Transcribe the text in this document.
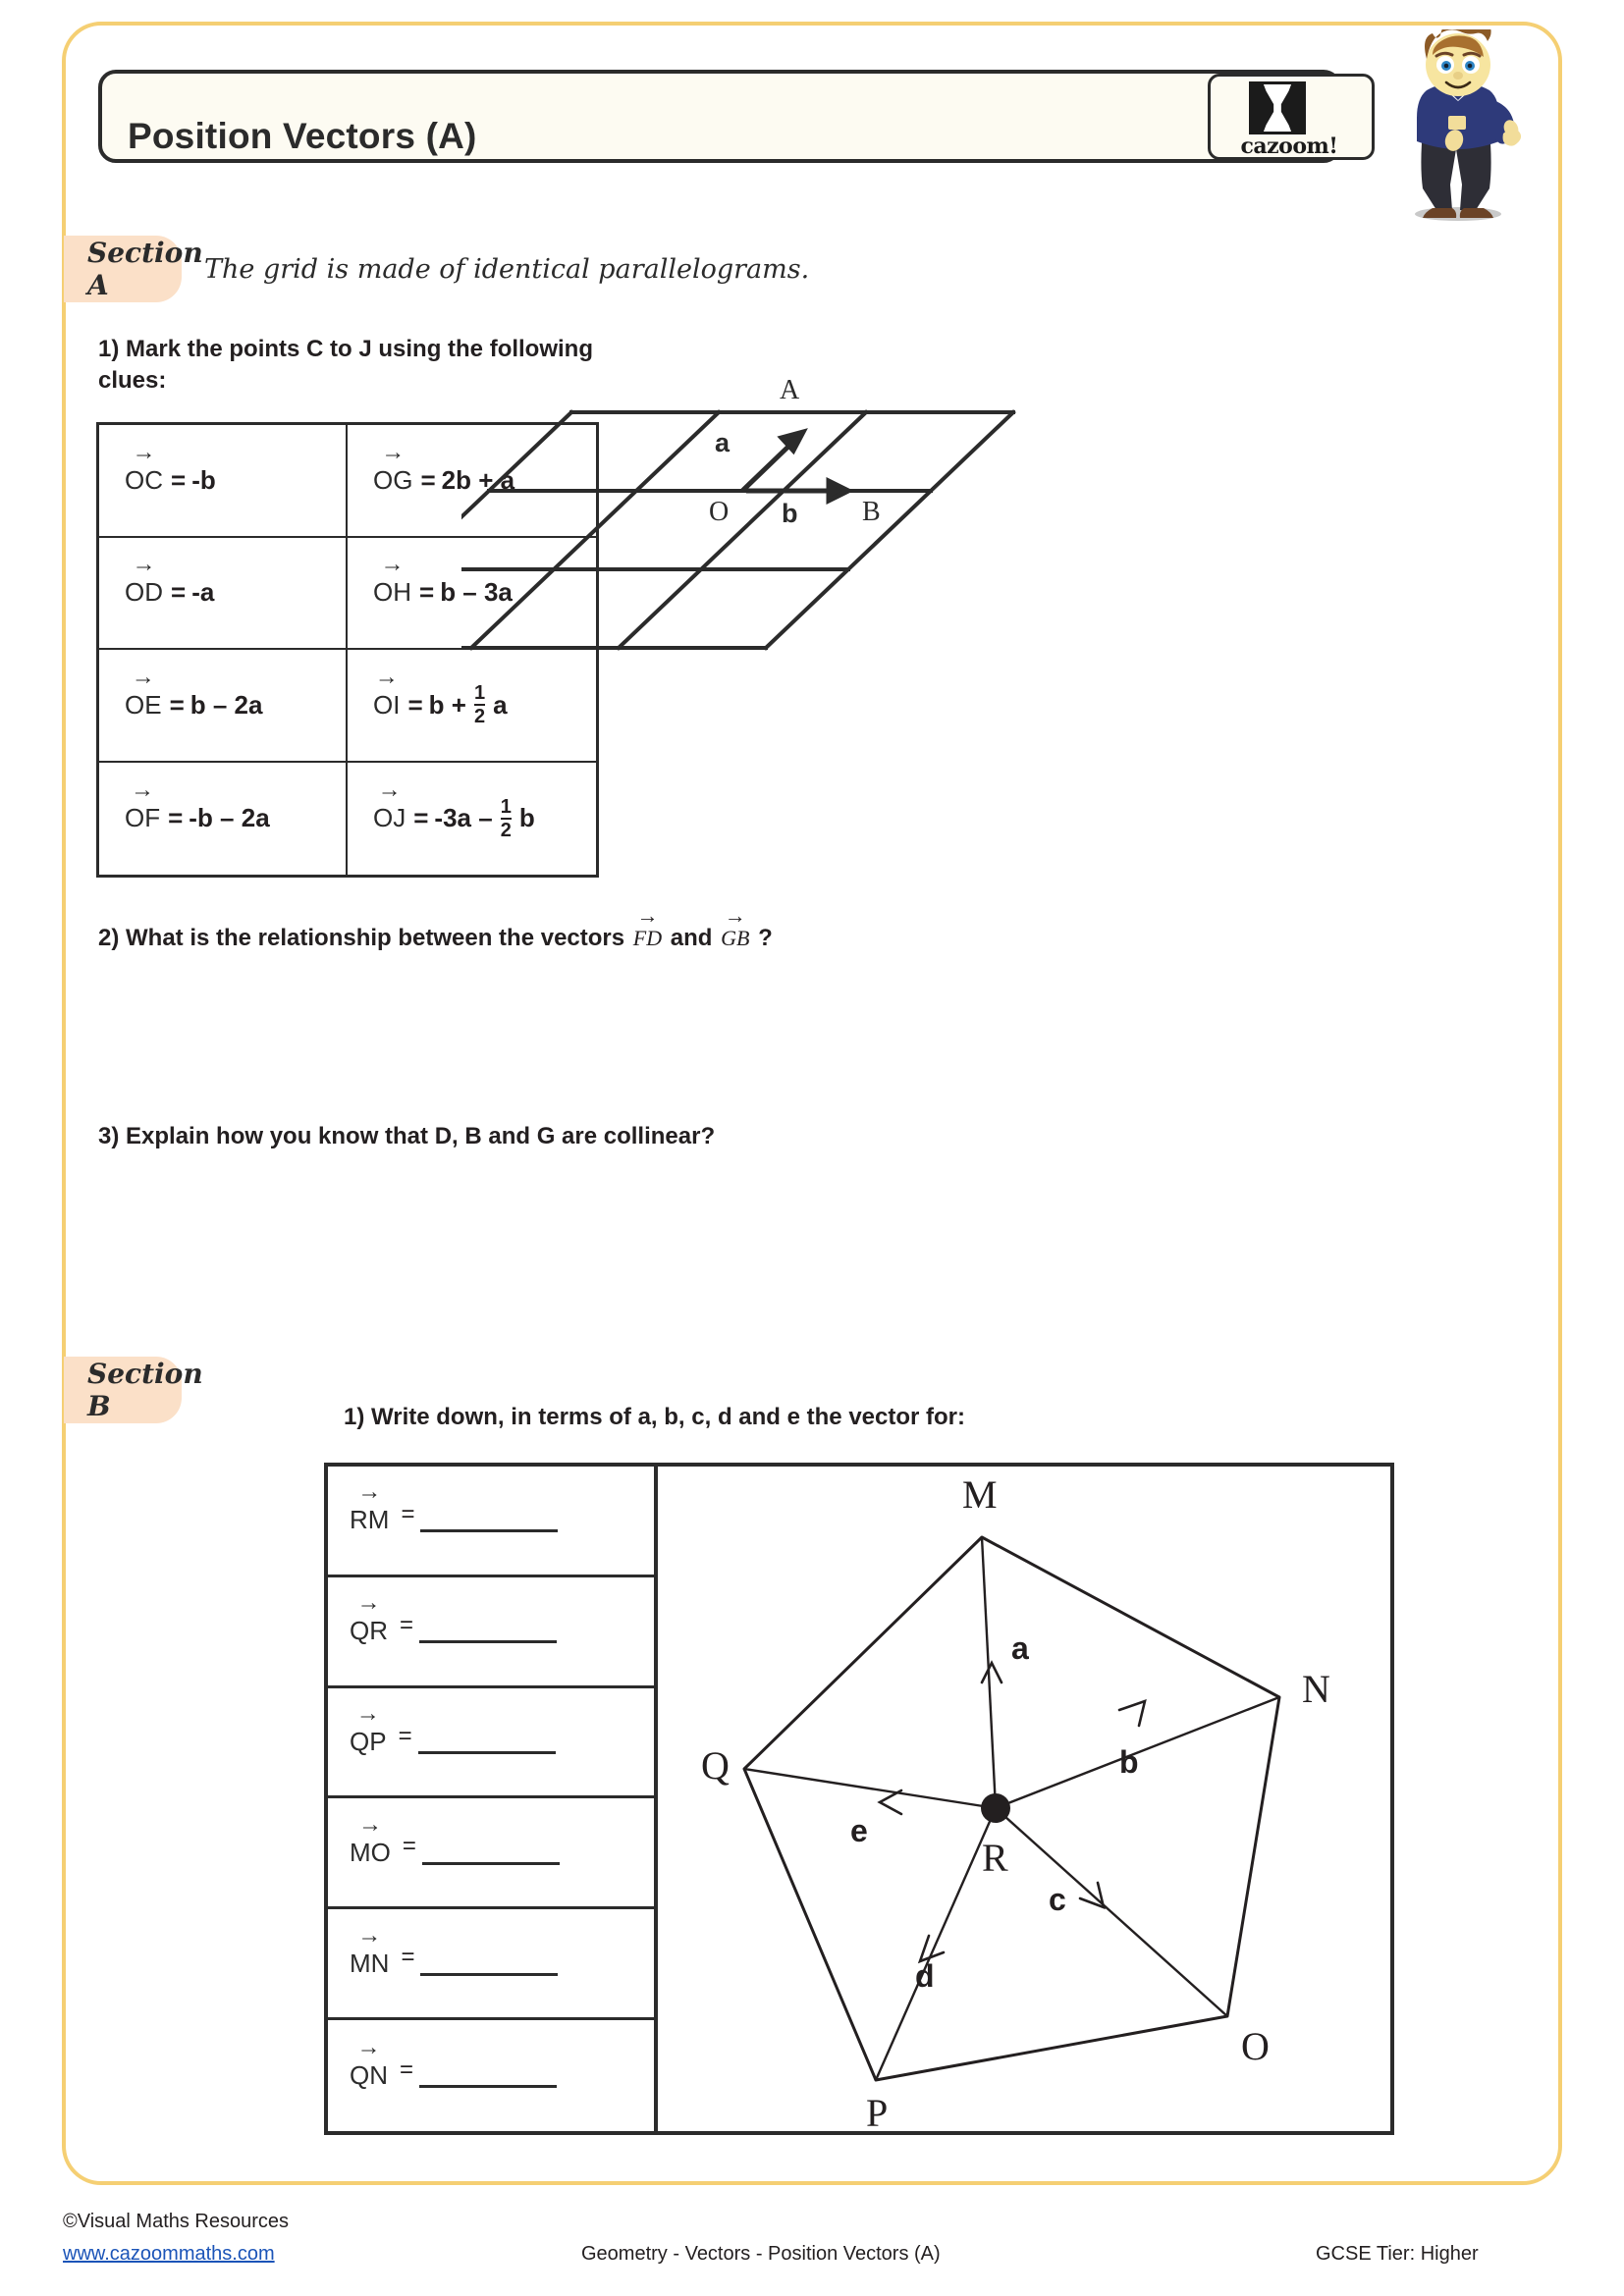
Position Vectors (A)	cazoom!
Section A	The grid is made of identical parallelograms.
1) Mark the points C to J using the following clues:
→ OC = -b	→ OG = 2b + a
→ OD = -a	→ OH = b – 3a
→ OE = b – 2a	→ OI = $b + \frac{1}{2}$ a
→ OF = -b – 2a	→ OJ = $-3a - \frac{1}{2}$ b
A
O	B
a
b
2) What is the relationship between the vectors → FD and → GB ?
3) Explain how you know that D, B and G are collinear?
Section B	1) Write down, in terms of a, b, c, d and e the vector for:
→ RM =
→ QR =
→ QP =
→ MO =
→ MN =
→ QN =
M
N
O
P
Q
R
a
b
c
d
e
©Visual Maths Resources
www.cazoommaths.com	Geometry - Vectors - Position Vectors (A)	GCSE Tier: Higher
